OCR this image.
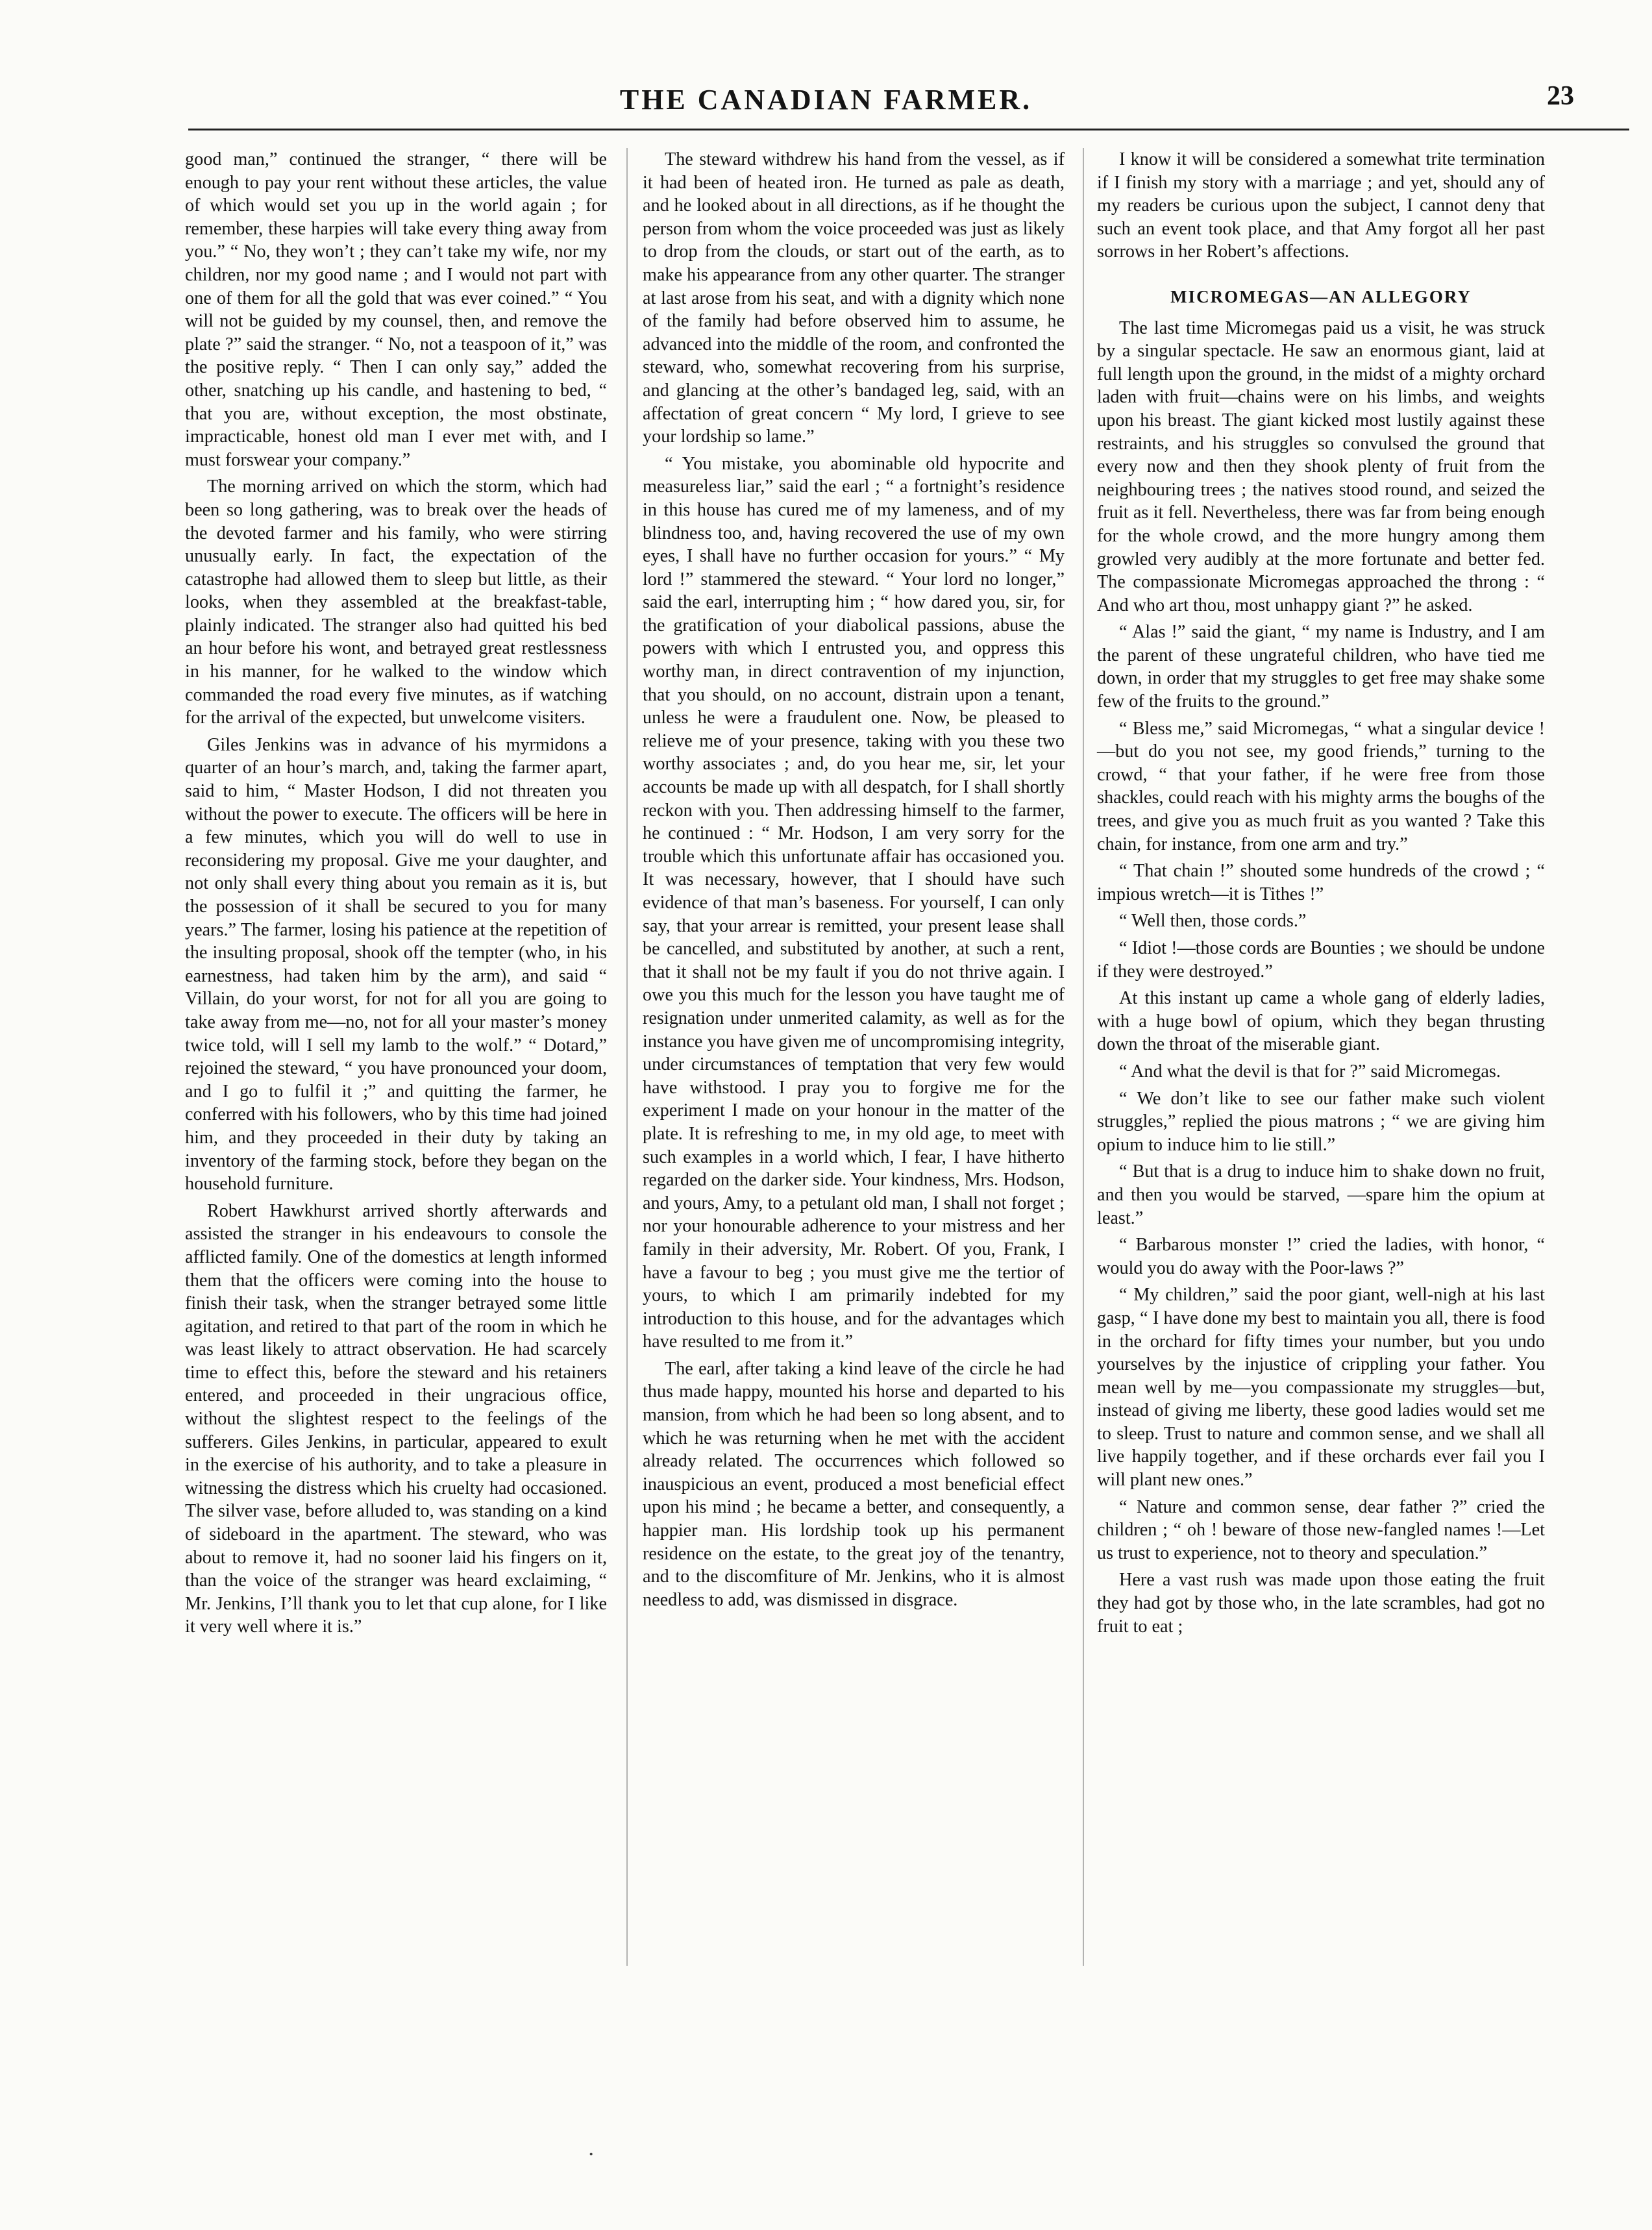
THE CANADIAN FARMER.	23

good man,” continued the stranger, “ there will be enough to pay your rent without these articles, the value of which would set you up in the world again ; for remember, these harpies will take every thing away from you.” “ No, they won’t ; they can’t take my wife, nor my children, nor my good name ; and I would not part with one of them for all the gold that was ever coined.” “ You will not be guided by my counsel, then, and remove the plate ?” said the stranger. “ No, not a teaspoon of it,” was the positive reply. “ Then I can only say,” added the other, snatching up his candle, and hastening to bed, “ that you are, without exception, the most obstinate, impracticable, honest old man I ever met with, and I must forswear your company.”

The morning arrived on which the storm, which had been so long gathering, was to break over the heads of the devoted farmer and his family, who were stirring unusually early. In fact, the expectation of the catastrophe had allowed them to sleep but little, as their looks, when they assembled at the breakfast-table, plainly indicated. The stranger also had quitted his bed an hour before his wont, and betrayed great restlessness in his manner, for he walked to the window which commanded the road every five minutes, as if watching for the arrival of the expected, but unwelcome visiters.

Giles Jenkins was in advance of his myrmidons a quarter of an hour’s march, and, taking the farmer apart, said to him, “ Master Hodson, I did not threaten you without the power to execute. The officers will be here in a few minutes, which you will do well to use in reconsidering my proposal. Give me your daughter, and not only shall every thing about you remain as it is, but the possession of it shall be secured to you for many years.” The farmer, losing his patience at the repetition of the insulting proposal, shook off the tempter (who, in his earnestness, had taken him by the arm), and said “ Villain, do your worst, for not for all you are going to take away from me—no, not for all your master’s money twice told, will I sell my lamb to the wolf.” “ Dotard,” rejoined the steward, “ you have pronounced your doom, and I go to fulfil it ;” and quitting the farmer, he conferred with his followers, who by this time had joined him, and they proceeded in their duty by taking an inventory of the farming stock, before they began on the household furniture.

Robert Hawkhurst arrived shortly afterwards and assisted the stranger in his endeavours to console the afflicted family. One of the domestics at length informed them that the officers were coming into the house to finish their task, when the stranger betrayed some little agitation, and retired to that part of the room in which he was least likely to attract observation. He had scarcely time to effect this, before the steward and his retainers entered, and proceeded in their ungracious office, without the slightest respect to the feelings of the sufferers. Giles Jenkins, in particular, appeared to exult in the exercise of his authority, and to take a pleasure in witnessing the distress which his cruelty had occasioned. The silver vase, before alluded to, was standing on a kind of sideboard in the apartment. The steward, who was about to remove it, had no sooner laid his fingers on it, than the voice of the stranger was heard exclaiming, “ Mr. Jenkins, I’ll thank you to let that cup alone, for I like it very well where it is.”

The steward withdrew his hand from the vessel, as if it had been of heated iron. He turned as pale as death, and he looked about in all directions, as if he thought the person from whom the voice proceeded was just as likely to drop from the clouds, or start out of the earth, as to make his appearance from any other quarter. The stranger at last arose from his seat, and with a dignity which none of the family had before observed him to assume, he advanced into the middle of the room, and confronted the steward, who, somewhat recovering from his surprise, and glancing at the other’s bandaged leg, said, with an affectation of great concern “ My lord, I grieve to see your lordship so lame.”

“ You mistake, you abominable old hypocrite and measureless liar,” said the earl ; “ a fortnight’s residence in this house has cured me of my lameness, and of my blindness too, and, having recovered the use of my own eyes, I shall have no further occasion for yours.” “ My lord !” stammered the steward. “ Your lord no longer,” said the earl, interrupting him ; “ how dared you, sir, for the gratification of your diabolical passions, abuse the powers with which I entrusted you, and oppress this worthy man, in direct contravention of my injunction, that you should, on no account, distrain upon a tenant, unless he were a fraudulent one. Now, be pleased to relieve me of your presence, taking with you these two worthy associates ; and, do you hear me, sir, let your accounts be made up with all despatch, for I shall shortly reckon with you. Then addressing himself to the farmer, he continued : “ Mr. Hodson, I am very sorry for the trouble which this unfortunate affair has occasioned you. It was necessary, however, that I should have such evidence of that man’s baseness. For yourself, I can only say, that your arrear is remitted, your present lease shall be cancelled, and substituted by another, at such a rent, that it shall not be my fault if you do not thrive again. I owe you this much for the lesson you have taught me of resignation under unmerited calamity, as well as for the instance you have given me of uncompromising integrity, under circumstances of temptation that very few would have withstood. I pray you to forgive me for the experiment I made on your honour in the matter of the plate. It is refreshing to me, in my old age, to meet with such examples in a world which, I fear, I have hitherto regarded on the darker side. Your kindness, Mrs. Hodson, and yours, Amy, to a petulant old man, I shall not forget ; nor your honourable adherence to your mistress and her family in their adversity, Mr. Robert. Of you, Frank, I have a favour to beg ; you must give me the tertior of yours, to which I am primarily indebted for my introduction to this house, and for the advantages which have resulted to me from it.”

The earl, after taking a kind leave of the circle he had thus made happy, mounted his horse and departed to his mansion, from which he had been so long absent, and to which he was returning when he met with the accident already related. The occurrences which followed so inauspicious an event, produced a most beneficial effect upon his mind ; he became a better, and consequently, a happier man. His lordship took up his permanent residence on the estate, to the great joy of the tenantry, and to the discomfiture of Mr. Jenkins, who it is almost needless to add, was dismissed in disgrace.

I know it will be considered a somewhat trite termination if I finish my story with a marriage ; and yet, should any of my readers be curious upon the subject, I cannot deny that such an event took place, and that Amy forgot all her past sorrows in her Robert’s affections.

MICROMEGAS—AN ALLEGORY

The last time Micromegas paid us a visit, he was struck by a singular spectacle. He saw an enormous giant, laid at full length upon the ground, in the midst of a mighty orchard laden with fruit—chains were on his limbs, and weights upon his breast. The giant kicked most lustily against these restraints, and his struggles so convulsed the ground that every now and then they shook plenty of fruit from the neighbouring trees ; the natives stood round, and seized the fruit as it fell. Nevertheless, there was far from being enough for the whole crowd, and the more hungry among them growled very audibly at the more fortunate and better fed. The compassionate Micromegas approached the throng : “ And who art thou, most unhappy giant ?” he asked.

“ Alas !” said the giant, “ my name is Industry, and I am the parent of these ungrateful children, who have tied me down, in order that my struggles to get free may shake some few of the fruits to the ground.”

“ Bless me,” said Micromegas, “ what a singular device !—but do you not see, my good friends,” turning to the crowd, “ that your father, if he were free from those shackles, could reach with his mighty arms the boughs of the trees, and give you as much fruit as you wanted ? Take this chain, for instance, from one arm and try.”

“ That chain !” shouted some hundreds of the crowd ; “ impious wretch—it is Tithes !”

“ Well then, those cords.”

“ Idiot !—those cords are Bounties ; we should be undone if they were destroyed.”

At this instant up came a whole gang of elderly ladies, with a huge bowl of opium, which they began thrusting down the throat of the miserable giant.

“ And what the devil is that for ?” said Micromegas.

“ We don’t like to see our father make such violent struggles,” replied the pious matrons ; “ we are giving him opium to induce him to lie still.”

“ But that is a drug to induce him to shake down no fruit, and then you would be starved, —spare him the opium at least.”

“ Barbarous monster !” cried the ladies, with honor, “ would you do away with the Poor-laws ?”

“ My children,” said the poor giant, well-nigh at his last gasp, “ I have done my best to maintain you all, there is food in the orchard for fifty times your number, but you undo yourselves by the injustice of crippling your father. You mean well by me—you compassionate my struggles—but, instead of giving me liberty, these good ladies would set me to sleep. Trust to nature and common sense, and we shall all live happily together, and if these orchards ever fail you I will plant new ones.”

“ Nature and common sense, dear father ?” cried the children ; “ oh ! beware of those new-fangled names !—Let us trust to experience, not to theory and speculation.”

Here a vast rush was made upon those eating the fruit they had got by those who, in the late scrambles, had got no fruit to eat ;

·
